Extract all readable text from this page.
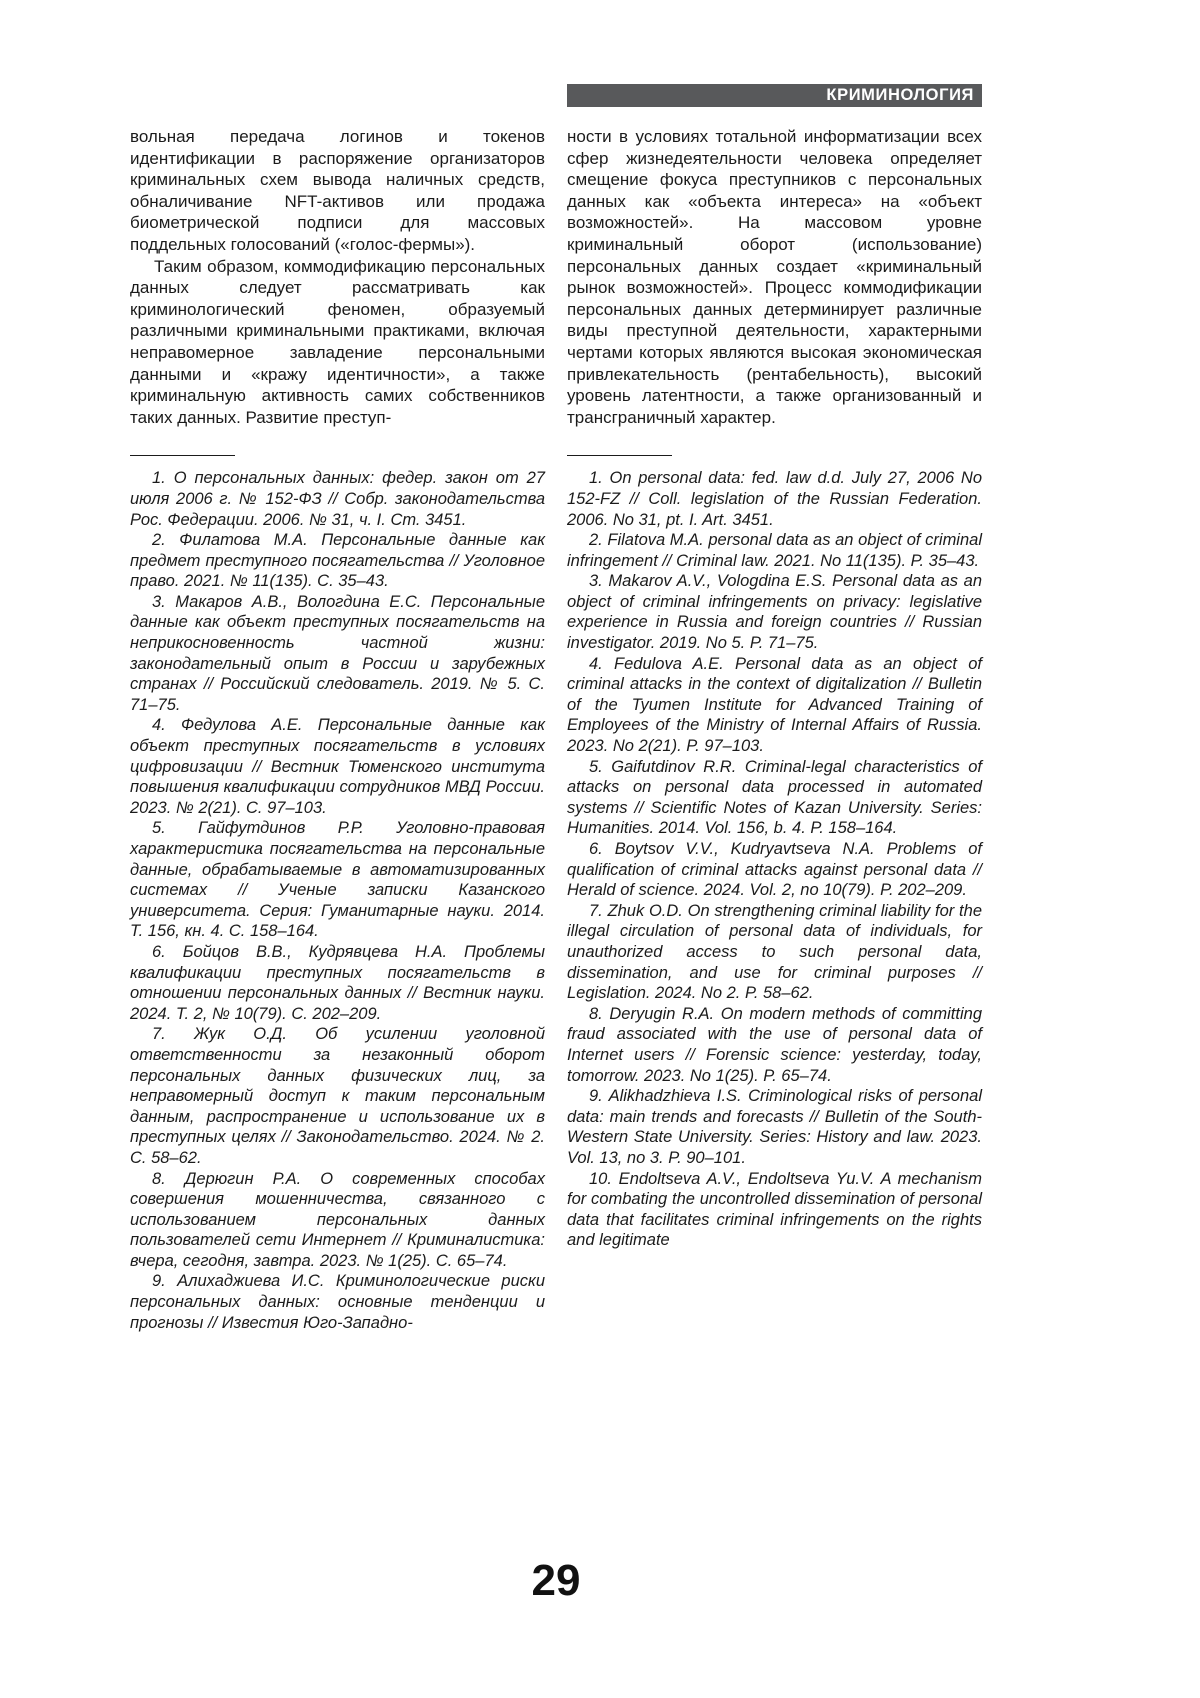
КРИМИНОЛОГИЯ

вольная передача логинов и токенов идентификации в распоряжение организаторов криминальных схем вывода наличных средств, обналичивание NFT-активов или продажа биометрической подписи для массовых поддельных голосований («голос-фермы»).

Таким образом, коммодификацию персональных данных следует рассматривать как криминологический феномен, образуемый различными криминальными практиками, включая неправомерное завладение персональными данными и «кражу идентичности», а также криминальную активность самих собственников таких данных. Развитие преступ-

1. О персональных данных: федер. закон от 27 июля 2006 г. № 152-ФЗ // Собр. законодательства Рос. Федерации. 2006. № 31, ч. I. Ст. 3451.

2. Филатова М.А. Персональные данные как предмет преступного посягательства // Уголовное право. 2021. № 11(135). С. 35–43.

3. Макаров А.В., Вологдина Е.С. Персональные данные как объект преступных посягательств на неприкосновенность частной жизни: законодательный опыт в России и зарубежных странах // Российский следователь. 2019. № 5. С. 71–75.

4. Федулова А.Е. Персональные данные как объект преступных посягательств в условиях цифровизации // Вестник Тюменского института повышения квалификации сотрудников МВД России. 2023. № 2(21). С. 97–103.

5. Гайфутдинов Р.Р. Уголовно-правовая характеристика посягательства на персональные данные, обрабатываемые в автоматизированных системах // Ученые записки Казанского университета. Серия: Гуманитарные науки. 2014. Т. 156, кн. 4. С. 158–164.

6. Бойцов В.В., Кудрявцева Н.А. Проблемы квалификации преступных посягательств в отношении персональных данных // Вестник науки. 2024. Т. 2, № 10(79). С. 202–209.

7. Жук О.Д. Об усилении уголовной ответственности за незаконный оборот персональных данных физических лиц, за неправомерный доступ к таким персональным данным, распространение и использование их в преступных целях // Законодательство. 2024. № 2. С. 58–62.

8. Дерюгин Р.А. О современных способах совершения мошенничества, связанного с использованием персональных данных пользователей сети Интернет // Криминалистика: вчера, сегодня, завтра. 2023. № 1(25). С. 65–74.

9. Алихаджиева И.С. Криминологические риски персональных данных: основные тенденции и прогнозы // Известия Юго-Западно-

ности в условиях тотальной информатизации всех сфер жизнедеятельности человека определяет смещение фокуса преступников с персональных данных как «объекта интереса» на «объект возможностей». На массовом уровне криминальный оборот (использование) персональных данных создает «криминальный рынок возможностей». Процесс коммодификации персональных данных детерминирует различные виды преступной деятельности, характерными чертами которых являются высокая экономическая привлекательность (рентабельность), высокий уровень латентности, а также организованный и трансграничный характер.

1. On personal data: fed. law d.d. July 27, 2006 No 152-FZ // Coll. legislation of the Russian Federation. 2006. No 31, pt. I. Art. 3451.

2. Filatova M.A. personal data as an object of criminal infringement // Criminal law. 2021. No 11(135). P. 35–43.

3. Makarov A.V., Vologdina E.S. Personal data as an object of criminal infringements on privacy: legislative experience in Russia and foreign countries // Russian investigator. 2019. No 5. P. 71–75.

4. Fedulova A.E. Personal data as an object of criminal attacks in the context of digitalization // Bulletin of the Tyumen Institute for Advanced Training of Employees of the Ministry of Internal Affairs of Russia. 2023. No 2(21). P. 97–103.

5. Gaifutdinov R.R. Criminal-legal characteristics of attacks on personal data processed in automated systems // Scientific Notes of Kazan University. Series: Humanities. 2014. Vol. 156, b. 4. P. 158–164.

6. Boytsov V.V., Kudryavtseva N.A. Problems of qualification of criminal attacks against personal data // Herald of science. 2024. Vol. 2, no 10(79). P. 202–209.

7. Zhuk O.D. On strengthening criminal liability for the illegal circulation of personal data of individuals, for unauthorized access to such personal data, dissemination, and use for criminal purposes // Legislation. 2024. No 2. P. 58–62.

8. Deryugin R.A. On modern methods of committing fraud associated with the use of personal data of Internet users // Forensic science: yesterday, today, tomorrow. 2023. No 1(25). P. 65–74.

9. Alikhadzhieva I.S. Criminological risks of personal data: main trends and forecasts // Bulletin of the South-Western State University. Series: History and law. 2023. Vol. 13, no 3. P. 90–101.

10. Endoltseva A.V., Endoltseva Yu.V. A mechanism for combating the uncontrolled dissemination of personal data that facilitates criminal infringements on the rights and legitimate

29
